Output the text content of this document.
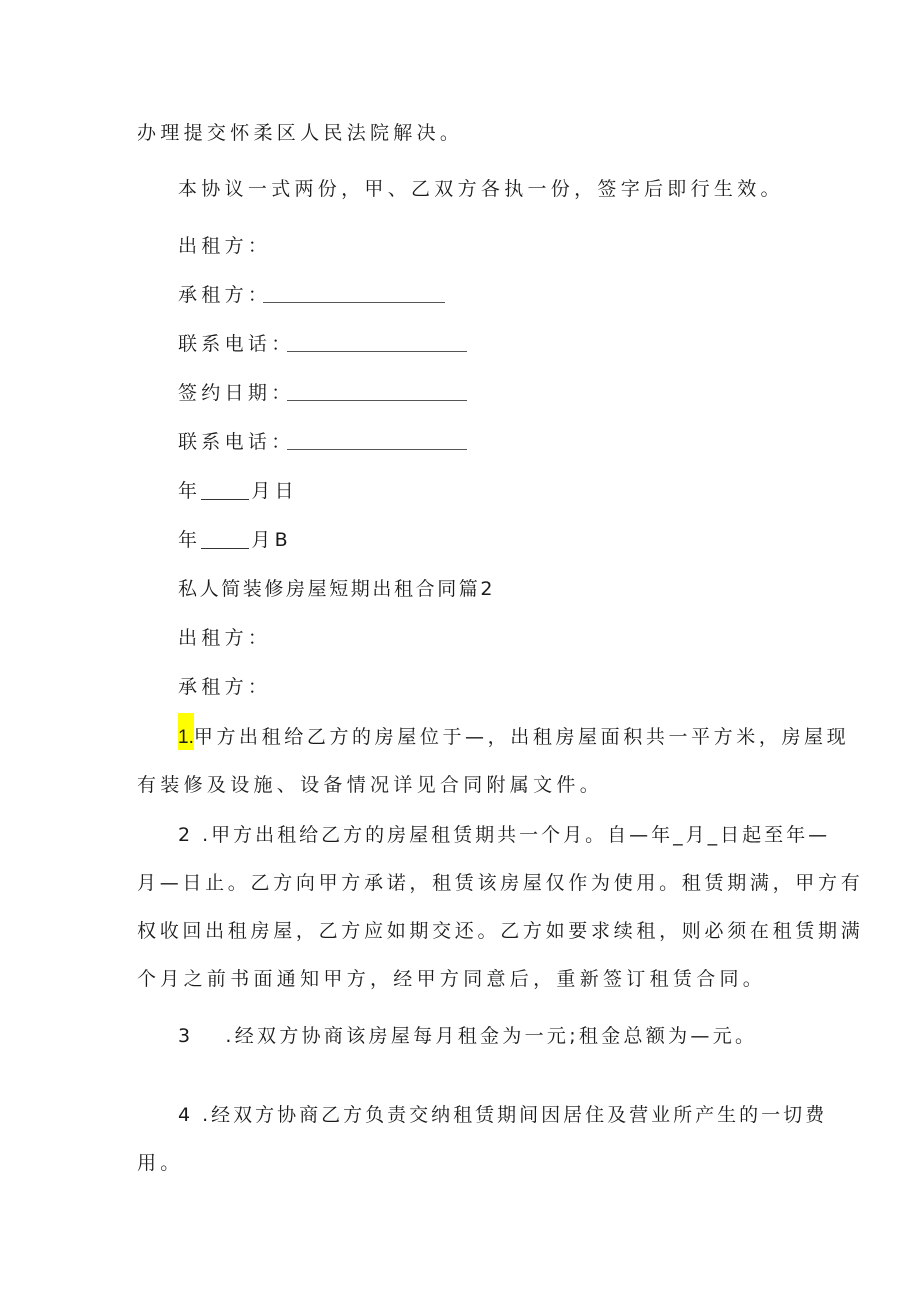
办理提交怀柔区人民法院解决。
本协议一式两份，甲、乙双方各执一份，签字后即行生效。
出租方：
承租方：
联系电话：
签约日期：
联系电话：
年	月日
年	月B
私人简装修房屋短期出租合同篇2
出租方：
承租方：
1.甲方出租给乙方的房屋位于—，出租房屋面积共一平方米，房屋现
有装修及设施、设备情况详见合同附属文件。
2 .甲方出租给乙方的房屋租赁期共一个月。自—年_月_日起至年—
月—日止。乙方向甲方承诺，租赁该房屋仅作为使用。租赁期满，甲方有
权收回出租房屋，乙方应如期交还。乙方如要求续租，则必须在租赁期满
个月之前书面通知甲方，经甲方同意后，重新签订租赁合同。
3 .经双方协商该房屋每月租金为一元;租金总额为—元。
4 .经双方协商乙方负责交纳租赁期间因居住及营业所产生的一切费
用。
